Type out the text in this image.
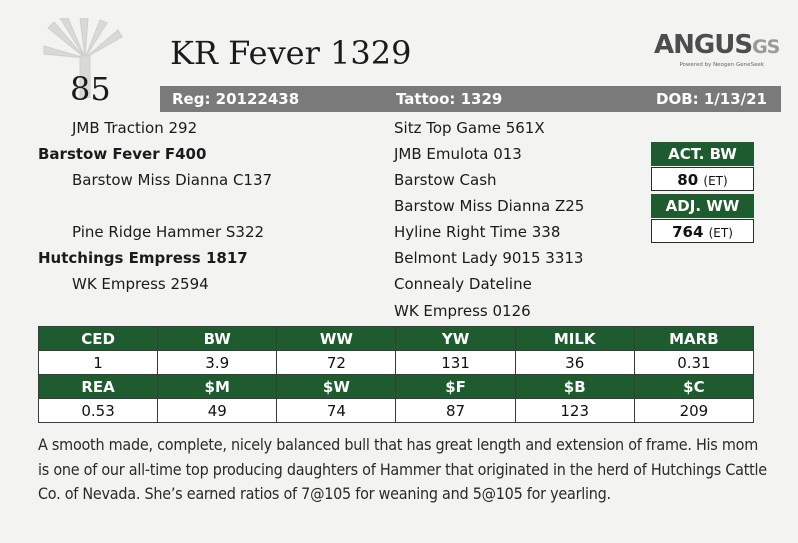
85
KR Fever 1329	ANGUSGS
Powered by Neogen GeneSeek
Reg: 20122438	Tattoo: 1329	DOB: 1/13/21
JMB Traction 292
Barstow Fever F400
Barstow Miss Dianna C137
Pine Ridge Hammer S322
Hutchings Empress 1817
WK Empress 2594
Sitz Top Game 561X
JMB Emulota 013
Barstow Cash
Barstow Miss Dianna Z25
Hyline Right Time 338
Belmont Lady 9015 3313
Connealy Dateline
WK Empress 0126
ACT. BW
80 (ET)
ADJ. WW
764 (ET)
CED	BW	WW	YW	MILK	MARB
1	3.9	72	131	36	0.31
REA	$M	$W	$F	$B	$C
0.53	49	74	87	123	209
A smooth made, complete, nicely balanced bull that has great length and extension of frame. His mom is one of our all-time top producing daughters of Hammer that originated in the herd of Hutchings Cattle Co. of Nevada. She’s earned ratios of 7@105 for weaning and 5@105 for yearling.
